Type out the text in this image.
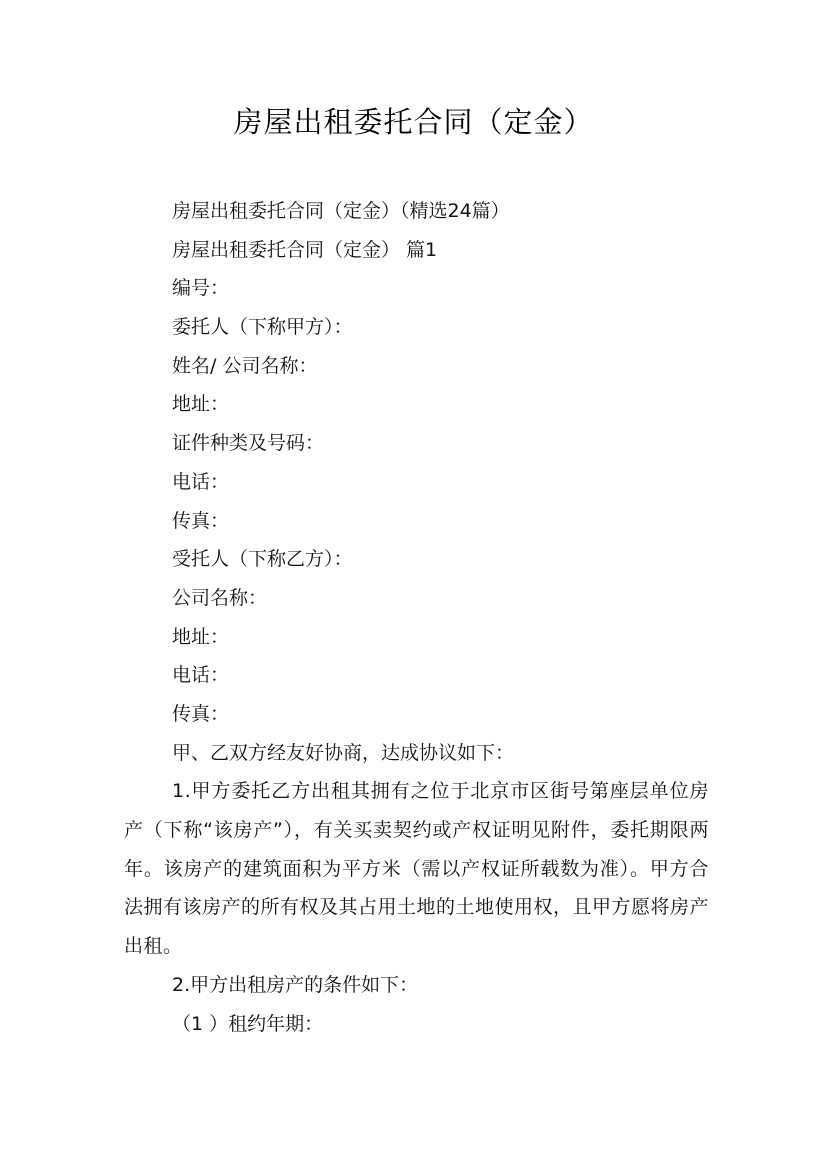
房屋出租委托合同（定金）
房屋出租委托合同（定金）（精选24篇）
房屋出租委托合同（定金） 篇1
编号：
委托人（下称甲方）：
姓名/ 公司名称：
地址：
证件种类及号码：
电话：
传真：
受托人（下称乙方）：
公司名称：
地址：
电话：
传真：
甲、乙双方经友好协商，达成协议如下：
1.甲方委托乙方出租其拥有之位于北京市区街号第座层单位房产（下称“该房产”），有关买卖契约或产权证明见附件，委托期限两年。该房产的建筑面积为平方米（需以产权证所载数为准）。甲方合法拥有该房产的所有权及其占用土地的土地使用权，且甲方愿将房产出租。
2.甲方出租房产的条件如下：
（1 ）租约年期：
